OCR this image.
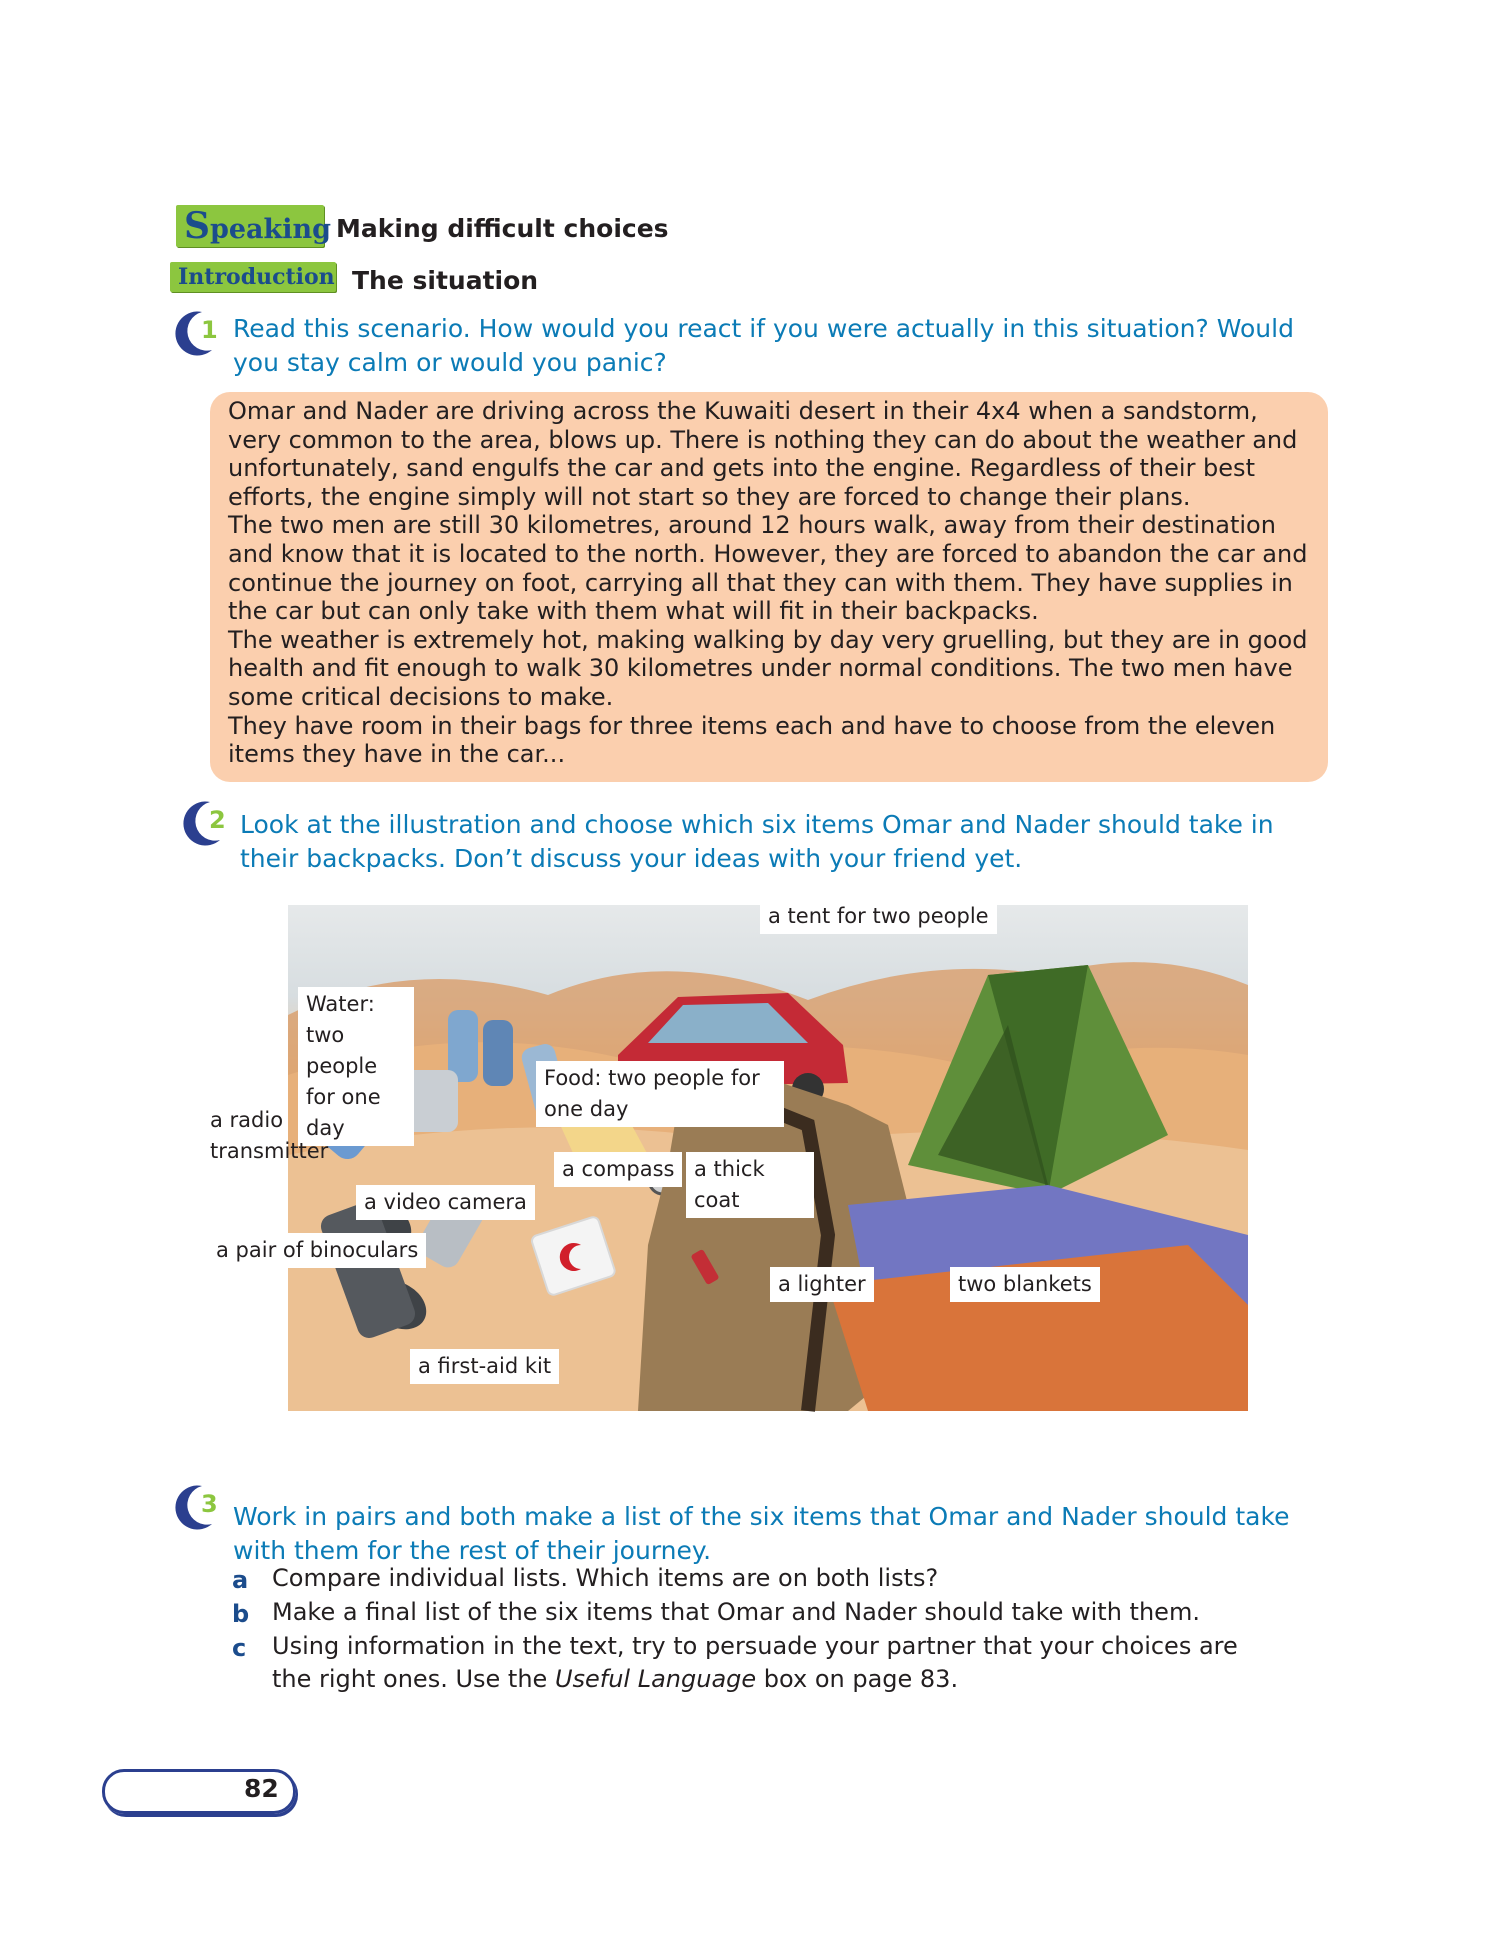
Speaking Making difficult choices
Introduction The situation
1 Read this scenario. How would you react if you were actually in this situation? Would you stay calm or would you panic?

Omar and Nader are driving across the Kuwaiti desert in their 4x4 when a sandstorm, very common to the area, blows up. There is nothing they can do about the weather and unfortunately, sand engulfs the car and gets into the engine. Regardless of their best efforts, the engine simply will not start so they are forced to change their plans.

The two men are still 30 kilometres, around 12 hours walk, away from their destination and know that it is located to the north. However, they are forced to abandon the car and continue the journey on foot, carrying all that they can with them. They have supplies in the car but can only take with them what will fit in their backpacks.

The weather is extremely hot, making walking by day very gruelling, but they are in good health and fit enough to walk 30 kilometres under normal conditions. The two men have some critical decisions to make.

They have room in their bags for three items each and have to choose from the eleven items they have in the car...

2 Look at the illustration and choose which six items Omar and Nader should take in their backpacks. Don’t discuss your ideas with your friend yet.
a tent for two people
Water: two people for one day
Food: two people for one day
a radio transmitter
a video camera
a compass a thick coat
a pair of binoculars
a lighter	two blankets
a first-aid kit
3 Work in pairs and both make a list of the six items that Omar and Nader should take with them for the rest of their journey.
a Compare individual lists. Which items are on both lists?
b Make a final list of the six items that Omar and Nader should take with them.
c Using information in the text, try to persuade your partner that your choices are the right ones. Use the Useful Language box on page 83.
82
